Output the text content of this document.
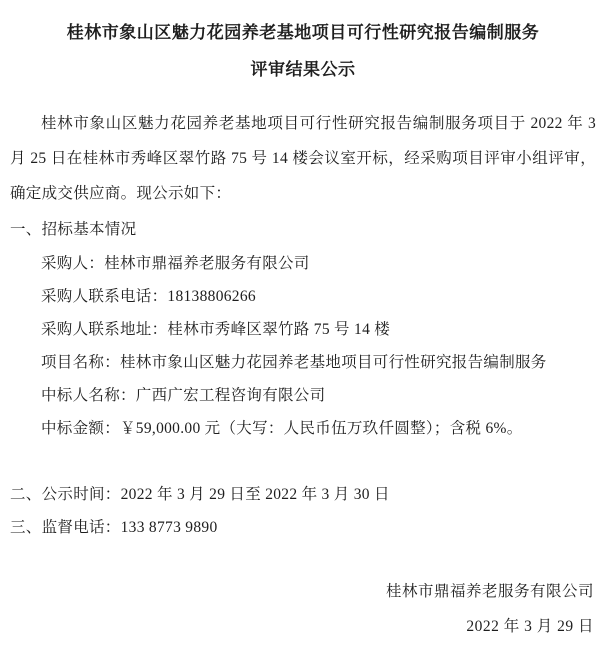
桂林市象山区魅力花园养老基地项目可行性研究报告编制服务
评审结果公示
桂林市象山区魅力花园养老基地项目可行性研究报告编制服务项目于 2022 年 3 月 25 日在桂林市秀峰区翠竹路 75 号 14 楼会议室开标，经采购项目评审小组评审，确定成交供应商。现公示如下：
一、招标基本情况
采购人：桂林市鼎福养老服务有限公司
采购人联系电话：18138806266
采购人联系地址：桂林市秀峰区翠竹路 75 号 14 楼
项目名称：桂林市象山区魅力花园养老基地项目可行性研究报告编制服务
中标人名称：广西广宏工程咨询有限公司
中标金额：￥59,000.00 元（大写：人民币伍万玖仟圆整）；含税 6%。
二、公示时间：2022 年 3 月 29 日至 2022 年 3 月 30 日
三、监督电话：133 8773 9890
桂林市鼎福养老服务有限公司
2022 年 3 月 29 日
